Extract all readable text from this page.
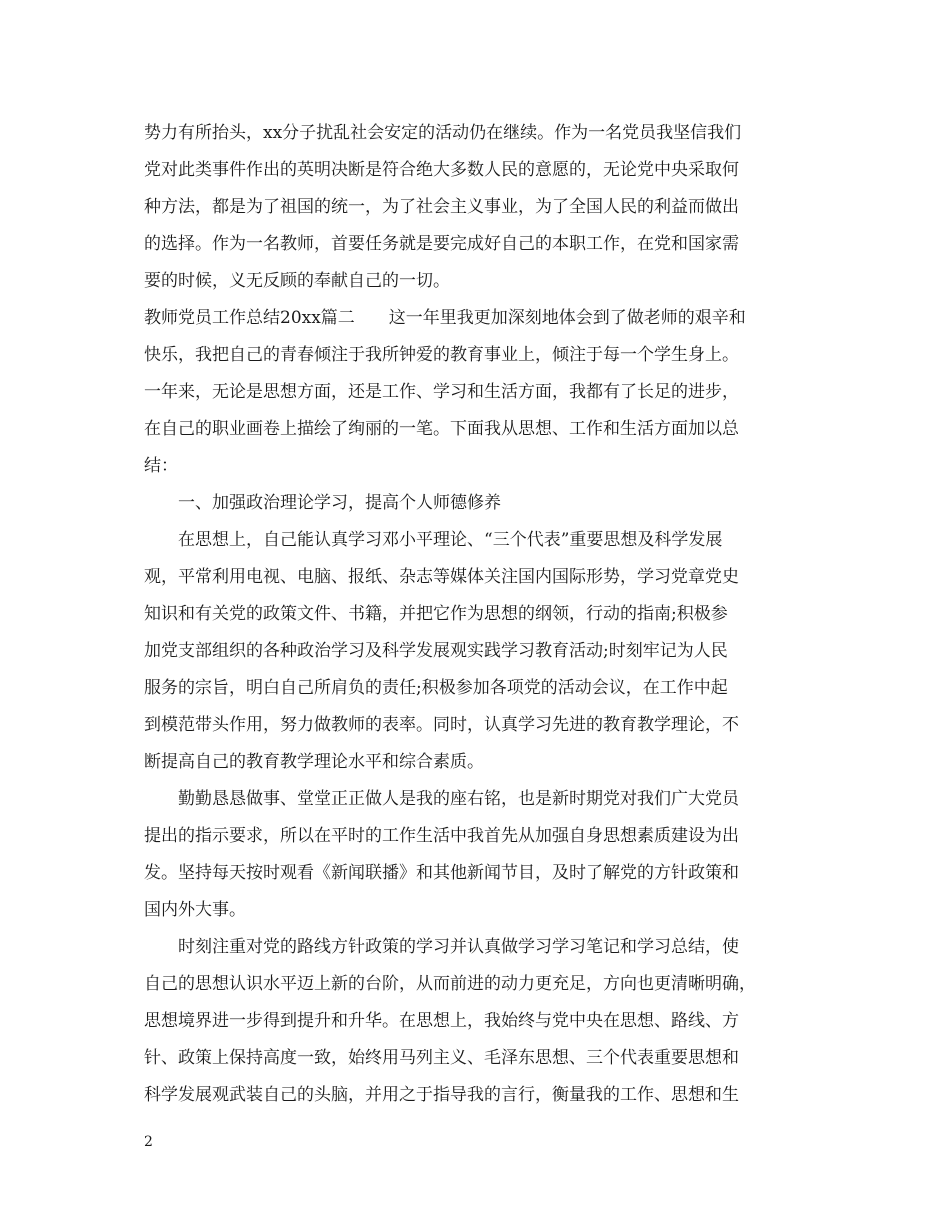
势力有所抬头，xx分子扰乱社会安定的活动仍在继续。作为一名党员我坚信我们
党对此类事件作出的英明决断是符合绝大多数人民的意愿的，无论党中央采取何
种方法，都是为了祖国的统一，为了社会主义事业，为了全国人民的利益而做出
的选择。作为一名教师，首要任务就是要完成好自己的本职工作，在党和国家需
要的时候，义无反顾的奉献自己的一切。
教师党员工作总结20xx篇二　　这一年里我更加深刻地体会到了做老师的艰辛和
快乐，我把自己的青春倾注于我所钟爱的教育事业上，倾注于每一个学生身上。
一年来，无论是思想方面，还是工作、学习和生活方面，我都有了长足的进步，
在自己的职业画卷上描绘了绚丽的一笔。下面我从思想、工作和生活方面加以总
结：
　　一、加强政治理论学习，提高个人师德修养
　　在思想上，自己能认真学习邓小平理论、“三个代表”重要思想及科学发展
观，平常利用电视、电脑、报纸、杂志等媒体关注国内国际形势，学习党章党史
知识和有关党的政策文件、书籍，并把它作为思想的纲领，行动的指南;积极参
加党支部组织的各种政治学习及科学发展观实践学习教育活动;时刻牢记为人民
服务的宗旨，明白自己所肩负的责任;积极参加各项党的活动会议，在工作中起
到模范带头作用，努力做教师的表率。同时，认真学习先进的教育教学理论，不
断提高自己的教育教学理论水平和综合素质。
　　勤勤恳恳做事、堂堂正正做人是我的座右铭，也是新时期党对我们广大党员
提出的指示要求，所以在平时的工作生活中我首先从加强自身思想素质建设为出
发。坚持每天按时观看《新闻联播》和其他新闻节目，及时了解党的方针政策和
国内外大事。
　　时刻注重对党的路线方针政策的学习并认真做学习学习笔记和学习总结，使
自己的思想认识水平迈上新的台阶，从而前进的动力更充足，方向也更清晰明确，
思想境界进一步得到提升和升华。在思想上，我始终与党中央在思想、路线、方
针、政策上保持高度一致，始终用马列主义、毛泽东思想、三个代表重要思想和
科学发展观武装自己的头脑，并用之于指导我的言行，衡量我的工作、思想和生
2
